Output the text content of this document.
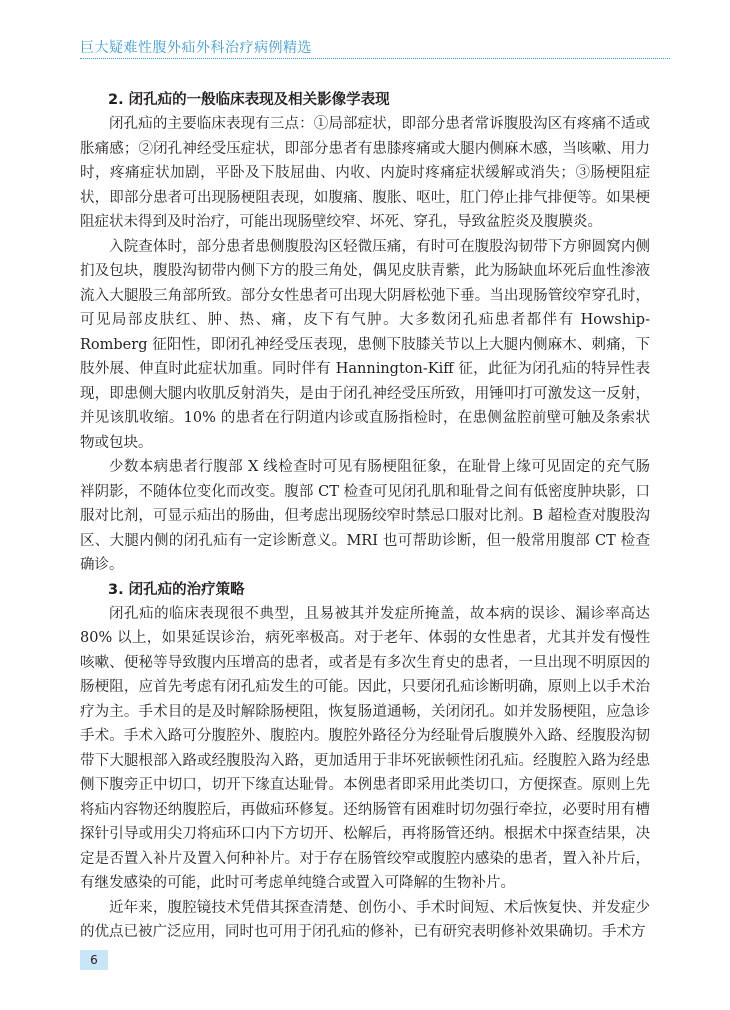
巨大疑难性腹外疝外科治疗病例精选
2. 闭孔疝的一般临床表现及相关影像学表现

闭孔疝的主要临床表现有三点：①局部症状，即部分患者常诉腹股沟区有疼痛不适或胀痛感；②闭孔神经受压症状，即部分患者有患膝疼痛或大腿内侧麻木感，当咳嗽、用力时，疼痛症状加剧，平卧及下肢屈曲、内收、内旋时疼痛症状缓解或消失；③肠梗阻症状，即部分患者可出现肠梗阻表现，如腹痛、腹胀、呕吐，肛门停止排气排便等。如果梗阻症状未得到及时治疗，可能出现肠壁绞窄、坏死、穿孔，导致盆腔炎及腹膜炎。

入院查体时，部分患者患侧腹股沟区轻微压痛，有时可在腹股沟韧带下方卵圆窝内侧扪及包块，腹股沟韧带内侧下方的股三角处，偶见皮肤青紫，此为肠缺血坏死后血性渗液流入大腿股三角部所致。部分女性患者可出现大阴唇松弛下垂。当出现肠管绞窄穿孔时，可见局部皮肤红、肿、热、痛，皮下有气肿。大多数闭孔疝患者都伴有 Howship-Romberg 征阳性，即闭孔神经受压表现，患侧下肢膝关节以上大腿内侧麻木、刺痛，下肢外展、伸直时此症状加重。同时伴有 Hannington-Kiff 征，此征为闭孔疝的特异性表现，即患侧大腿内收肌反射消失，是由于闭孔神经受压所致，用锤叩打可激发这一反射，并见该肌收缩。10% 的患者在行阴道内诊或直肠指检时，在患侧盆腔前壁可触及条索状物或包块。

少数本病患者行腹部 X 线检查时可见有肠梗阻征象，在耻骨上缘可见固定的充气肠袢阴影，不随体位变化而改变。腹部 CT 检查可见闭孔肌和耻骨之间有低密度肿块影，口服对比剂，可显示疝出的肠曲，但考虑出现肠绞窄时禁忌口服对比剂。B 超检查对腹股沟区、大腿内侧的闭孔疝有一定诊断意义。MRI 也可帮助诊断，但一般常用腹部 CT 检查确诊。

3. 闭孔疝的治疗策略

闭孔疝的临床表现很不典型，且易被其并发症所掩盖，故本病的误诊、漏诊率高达 80% 以上，如果延误诊治，病死率极高。对于老年、体弱的女性患者，尤其并发有慢性咳嗽、便秘等导致腹内压增高的患者，或者是有多次生育史的患者，一旦出现不明原因的肠梗阻，应首先考虑有闭孔疝发生的可能。因此，只要闭孔疝诊断明确，原则上以手术治疗为主。手术目的是及时解除肠梗阻，恢复肠道通畅，关闭闭孔。如并发肠梗阻，应急诊手术。手术入路可分腹腔外、腹腔内。腹腔外路径分为经耻骨后腹膜外入路、经腹股沟韧带下大腿根部入路或经腹股沟入路，更加适用于非坏死嵌顿性闭孔疝。经腹腔入路为经患侧下腹旁正中切口，切开下缘直达耻骨。本例患者即采用此类切口，方便探查。原则上先将疝内容物还纳腹腔后，再做疝环修复。还纳肠管有困难时切勿强行牵拉，必要时用有槽探针引导或用尖刀将疝环口内下方切开、松解后，再将肠管还纳。根据术中探查结果，决定是否置入补片及置入何种补片。对于存在肠管绞窄或腹腔内感染的患者，置入补片后，有继发感染的可能，此时可考虑单纯缝合或置入可降解的生物补片。

近年来，腹腔镜技术凭借其探查清楚、创伤小、手术时间短、术后恢复快、并发症少的优点已被广泛应用，同时也可用于闭孔疝的修补，已有研究表明修补效果确切。手术方

6
